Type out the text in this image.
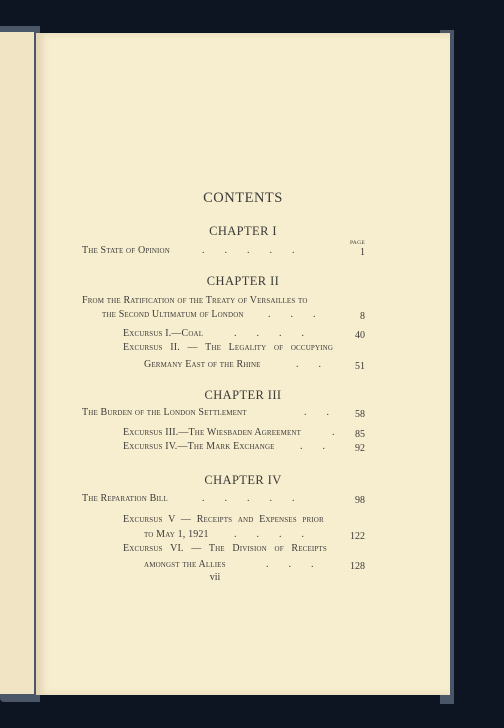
CONTENTS
CHAPTER I
PAGE
The State of Opinion	.  .  .  .  .	1
CHAPTER II
From the Ratification of the Treaty of Versailles to
the Second Ultimatum of London .  .  .	8
Excursus I.—Coal	.  .  .  .	40
Excursus II. — The Legality of occupying
Germany East of the Rhine	.  .	51
CHAPTER III
The Burden of the London Settlement	.  .	58
Excursus III.—The Wiesbaden Agreement	. 85
Excursus IV.—The Mark Exchange	.  .	92
CHAPTER IV
The Reparation Bill	.  .  .  .  .	98
Excursus V — Receipts and Expenses prior
to May 1, 1921	.  .  .  .	122
Excursus VI. — The Division of Receipts
amongst the Allies	.  .  .	128
vii
